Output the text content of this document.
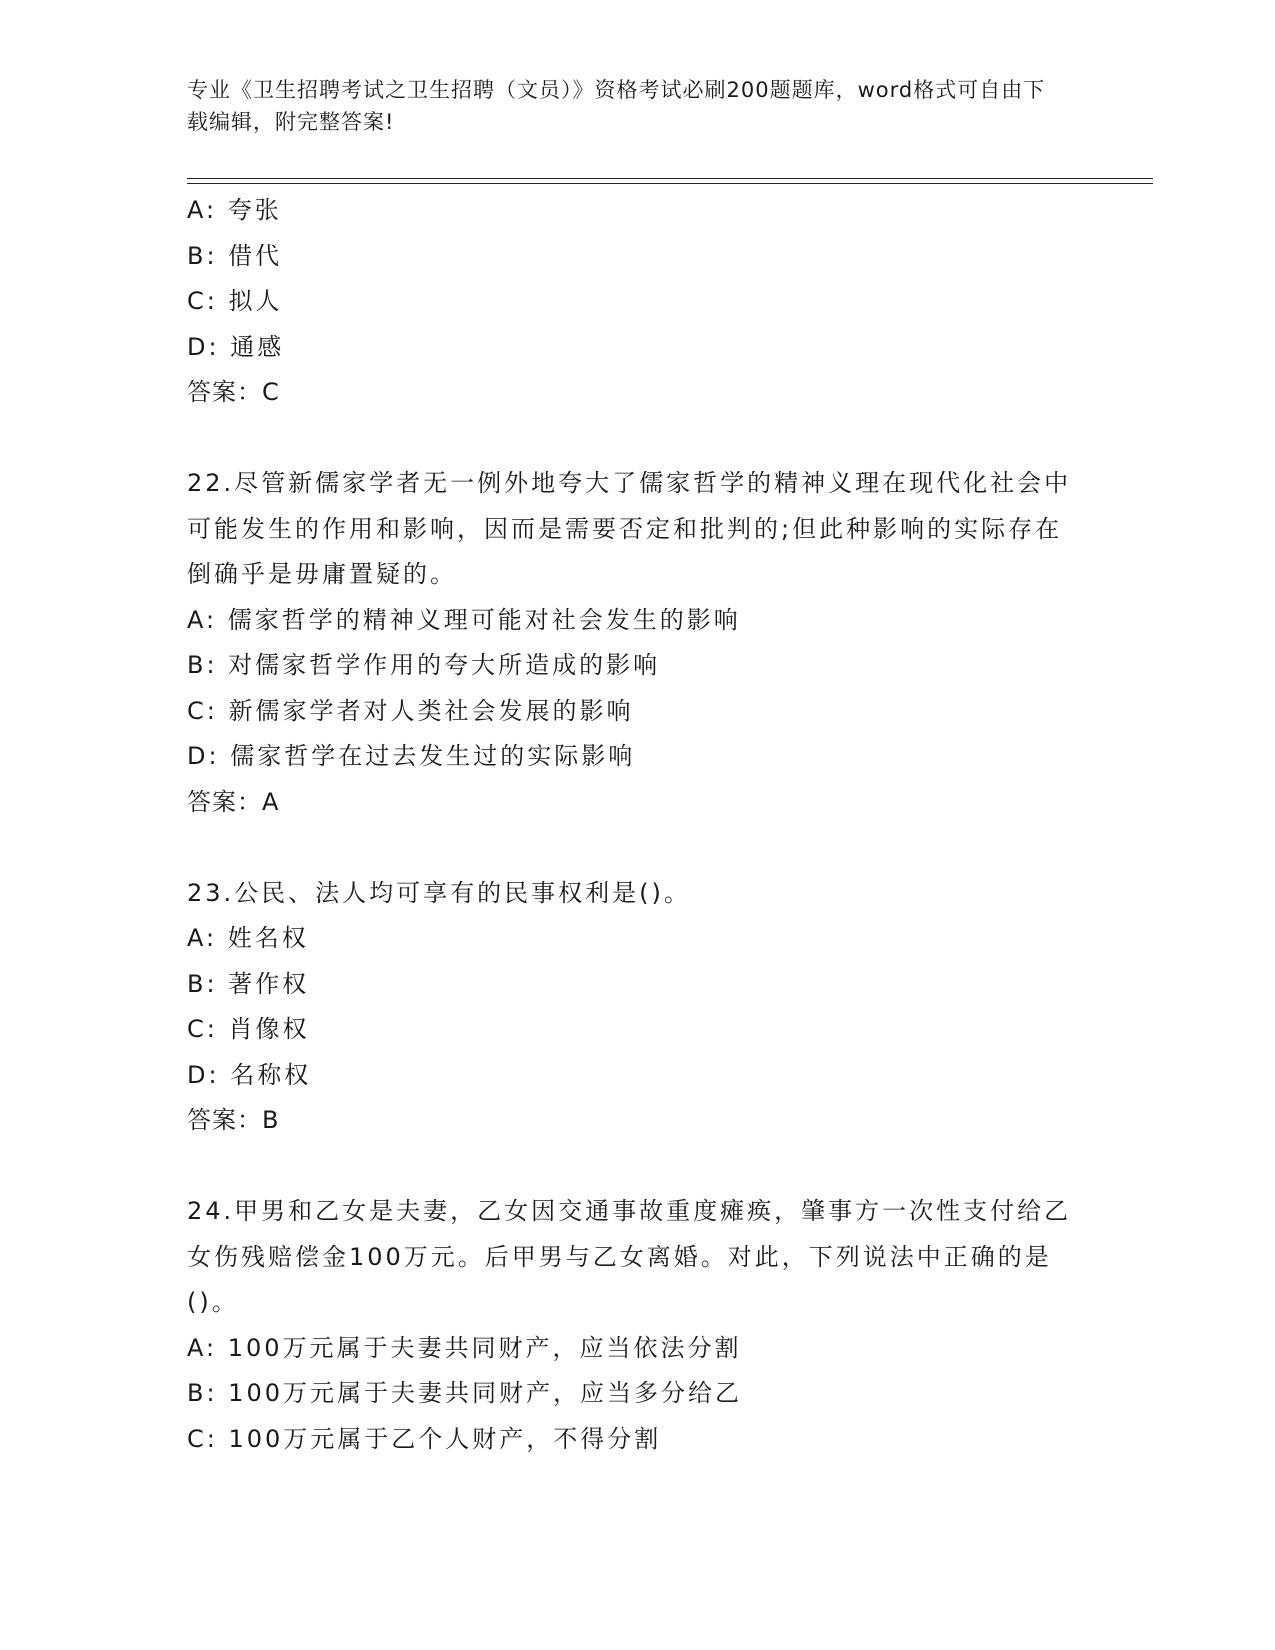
专业《卫生招聘考试之卫生招聘（文员）》资格考试必刷200题题库，word格式可自由下载编辑，附完整答案!
A: 夸张
B: 借代
C: 拟人
D: 通感
答案：C
22.尽管新儒家学者无一例外地夸大了儒家哲学的精神义理在现代化社会中可能发生的作用和影响，因而是需要否定和批判的;但此种影响的实际存在倒确乎是毋庸置疑的。
A: 儒家哲学的精神义理可能对社会发生的影响
B: 对儒家哲学作用的夸大所造成的影响
C: 新儒家学者对人类社会发展的影响
D: 儒家哲学在过去发生过的实际影响
答案：A
23.公民、法人均可享有的民事权利是()。
A: 姓名权
B: 著作权
C: 肖像权
D: 名称权
答案：B
24.甲男和乙女是夫妻，乙女因交通事故重度瘫痪，肇事方一次性支付给乙女伤残赔偿金100万元。后甲男与乙女离婚。对此，下列说法中正确的是()。
A: 100万元属于夫妻共同财产，应当依法分割
B: 100万元属于夫妻共同财产，应当多分给乙
C: 100万元属于乙个人财产，不得分割
